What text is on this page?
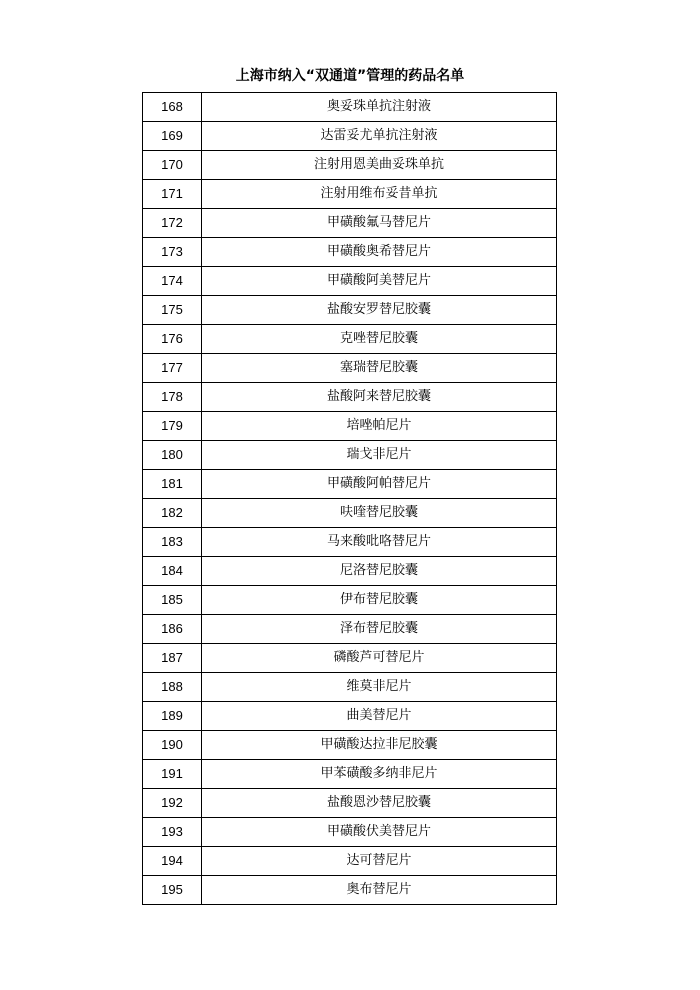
上海市纳入“双通道”管理的药品名单
168	奥妥珠单抗注射液
169	达雷妥尤单抗注射液
170	注射用恩美曲妥珠单抗
171	注射用维布妥昔单抗
172	甲磺酸氟马替尼片
173	甲磺酸奥希替尼片
174	甲磺酸阿美替尼片
175	盐酸安罗替尼胶囊
176	克唑替尼胶囊
177	塞瑞替尼胶囊
178	盐酸阿来替尼胶囊
179	培唑帕尼片
180	瑞戈非尼片
181	甲磺酸阿帕替尼片
182	呋喹替尼胶囊
183	马来酸吡咯替尼片
184	尼洛替尼胶囊
185	伊布替尼胶囊
186	泽布替尼胶囊
187	磷酸芦可替尼片
188	维莫非尼片
189	曲美替尼片
190	甲磺酸达拉非尼胶囊
191	甲苯磺酸多纳非尼片
192	盐酸恩沙替尼胶囊
193	甲磺酸伏美替尼片
194	达可替尼片
195	奥布替尼片
